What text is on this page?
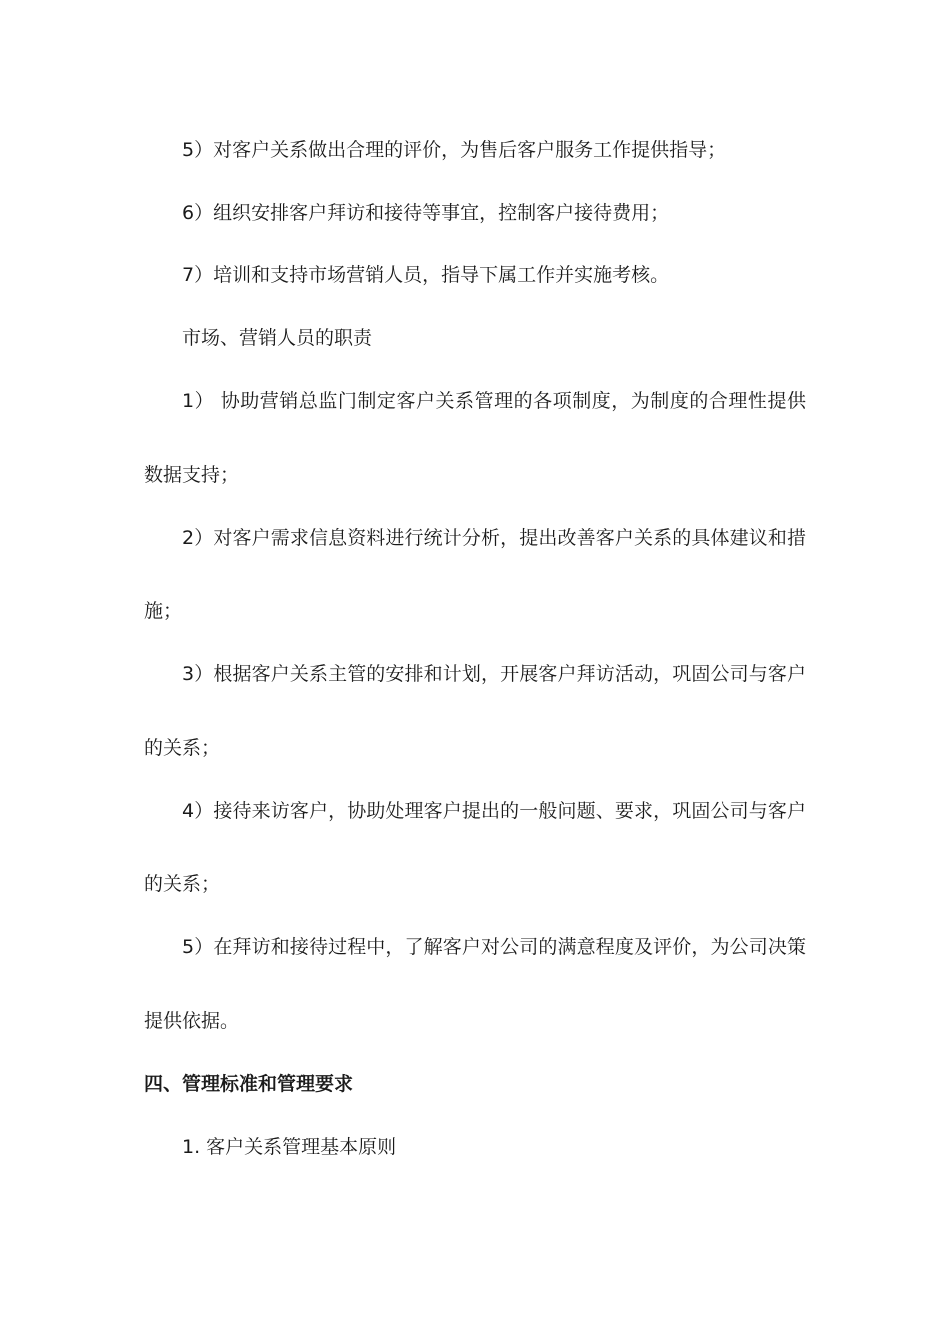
5）对客户关系做出合理的评价，为售后客户服务工作提供指导；

6）组织安排客户拜访和接待等事宜，控制客户接待费用；

7）培训和支持市场营销人员，指导下属工作并实施考核。

市场、营销人员的职责

1） 协助营销总监门制定客户关系管理的各项制度，为制度的合理性提供

数据支持；

2）对客户需求信息资料进行统计分析，提出改善客户关系的具体建议和措

施；

3）根据客户关系主管的安排和计划，开展客户拜访活动，巩固公司与客户

的关系；

4）接待来访客户，协助处理客户提出的一般问题、要求，巩固公司与客户

的关系；

5）在拜访和接待过程中，了解客户对公司的满意程度及评价，为公司决策

提供依据。

四、管理标准和管理要求

1. 客户关系管理基本原则
